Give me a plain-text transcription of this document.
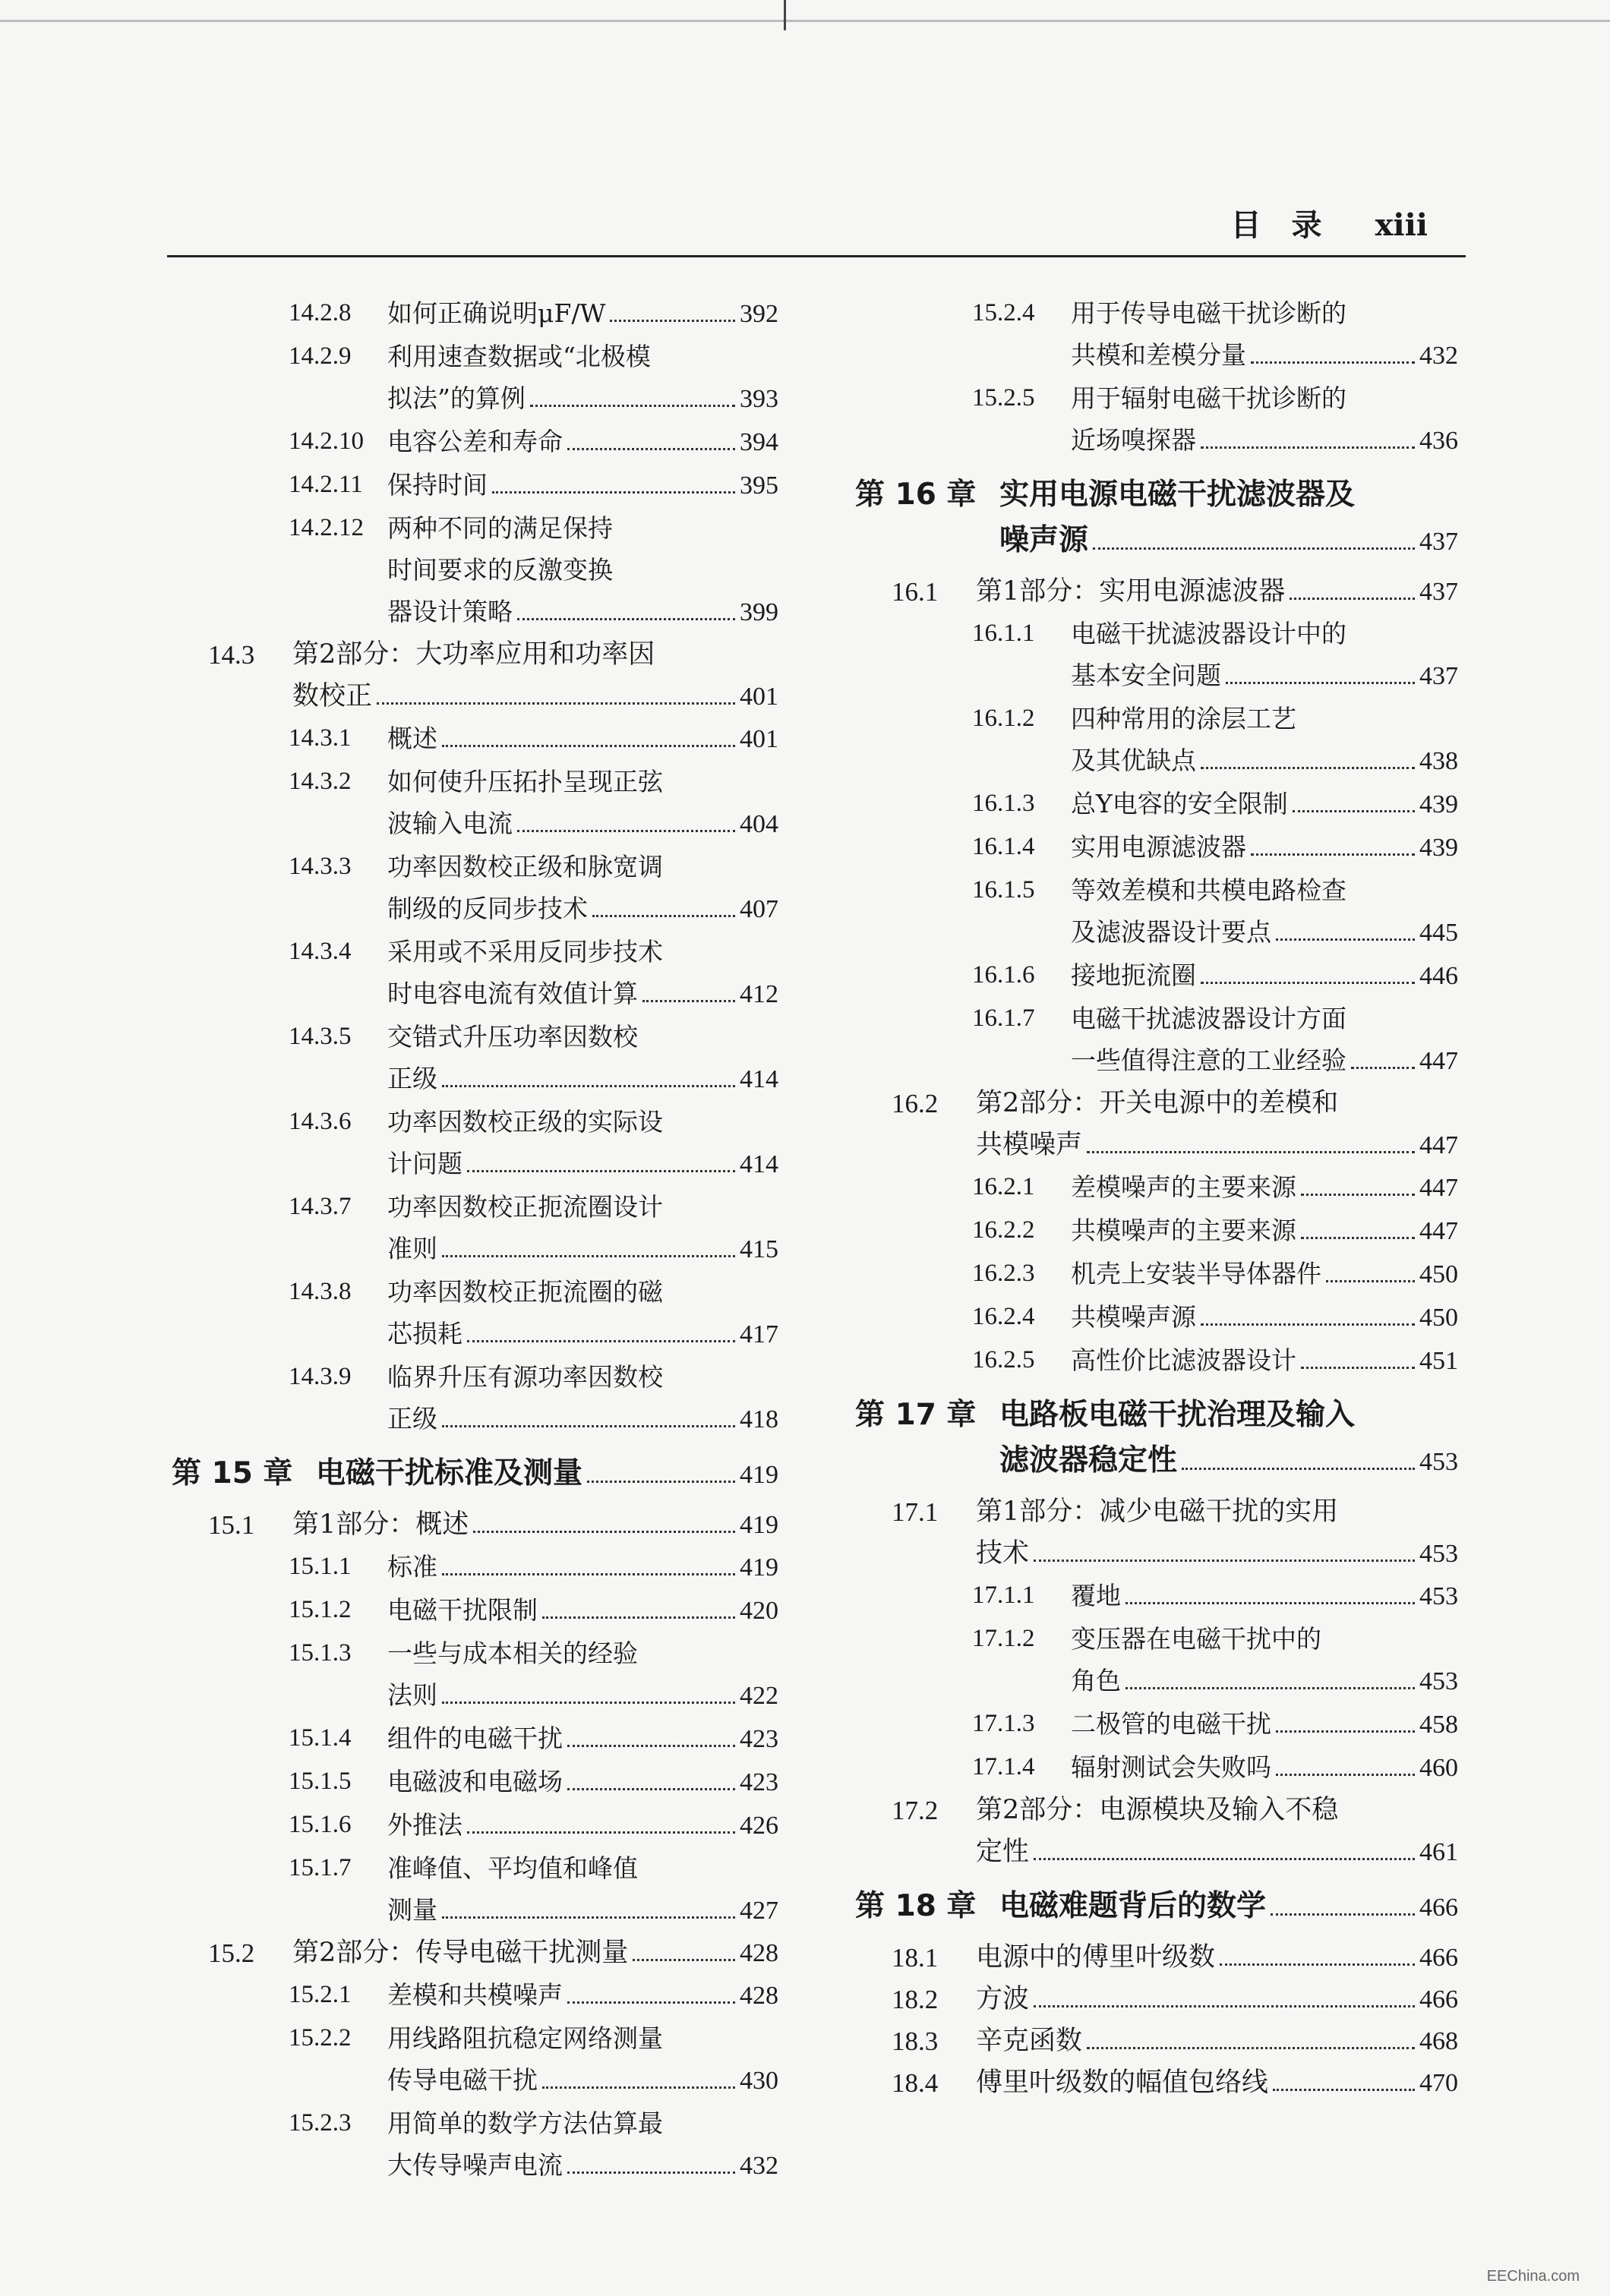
目　录 xiii
14.2.8 如何正确说明μF/W	392
14.2.9 利用速查数据或“北极模
拟法”的算例	393
14.2.10 电容公差和寿命	394
14.2.11 保持时间	395
14.2.12 两种不同的满足保持
时间要求的反激变换
器设计策略	399
14.3 第2部分：大功率应用和功率因
数校正	401
14.3.1 概述	401
14.3.2 如何使升压拓扑呈现正弦
波输入电流	404
14.3.3 功率因数校正级和脉宽调
制级的反同步技术	407
14.3.4 采用或不采用反同步技术
时电容电流有效值计算	412
14.3.5 交错式升压功率因数校
正级	414
14.3.6 功率因数校正级的实际设
计问题	414
14.3.7 功率因数校正扼流圈设计
准则	415
14.3.8 功率因数校正扼流圈的磁
芯损耗	417
14.3.9 临界升压有源功率因数校
正级	418
第 15 章 电磁干扰标准及测量	419
15.1 第1部分：概述	419
15.1.1 标准	419
15.1.2 电磁干扰限制	420
15.1.3 一些与成本相关的经验
法则	422
15.1.4 组件的电磁干扰	423
15.1.5 电磁波和电磁场	423
15.1.6 外推法	426
15.1.7 准峰值、平均值和峰值
测量	427
15.2 第2部分：传导电磁干扰测量	428
15.2.1 差模和共模噪声	428
15.2.2 用线路阻抗稳定网络测量
传导电磁干扰	430
15.2.3 用简单的数学方法估算最
大传导噪声电流	432
15.2.4 用于传导电磁干扰诊断的
共模和差模分量	432
15.2.5 用于辐射电磁干扰诊断的
近场嗅探器	436
第 16 章 实用电源电磁干扰滤波器及
噪声源	437
16.1 第1部分：实用电源滤波器	437
16.1.1 电磁干扰滤波器设计中的
基本安全问题	437
16.1.2 四种常用的涂层工艺
及其优缺点	438
16.1.3 总Y电容的安全限制	439
16.1.4 实用电源滤波器	439
16.1.5 等效差模和共模电路检查
及滤波器设计要点	445
16.1.6 接地扼流圈	446
16.1.7 电磁干扰滤波器设计方面
一些值得注意的工业经验	447
16.2 第2部分：开关电源中的差模和
共模噪声	447
16.2.1 差模噪声的主要来源	447
16.2.2 共模噪声的主要来源	447
16.2.3 机壳上安装半导体器件	450
16.2.4 共模噪声源	450
16.2.5 高性价比滤波器设计	451
第 17 章 电路板电磁干扰治理及输入
滤波器稳定性	453
17.1 第1部分：减少电磁干扰的实用
技术	453
17.1.1 覆地	453
17.1.2 变压器在电磁干扰中的
角色	453
17.1.3 二极管的电磁干扰	458
17.1.4 辐射测试会失败吗	460
17.2 第2部分：电源模块及输入不稳
定性	461
第 18 章 电磁难题背后的数学	466
18.1 电源中的傅里叶级数	466
18.2 方波	466
18.3 辛克函数	468
18.4 傅里叶级数的幅值包络线	470
EEChina.com
